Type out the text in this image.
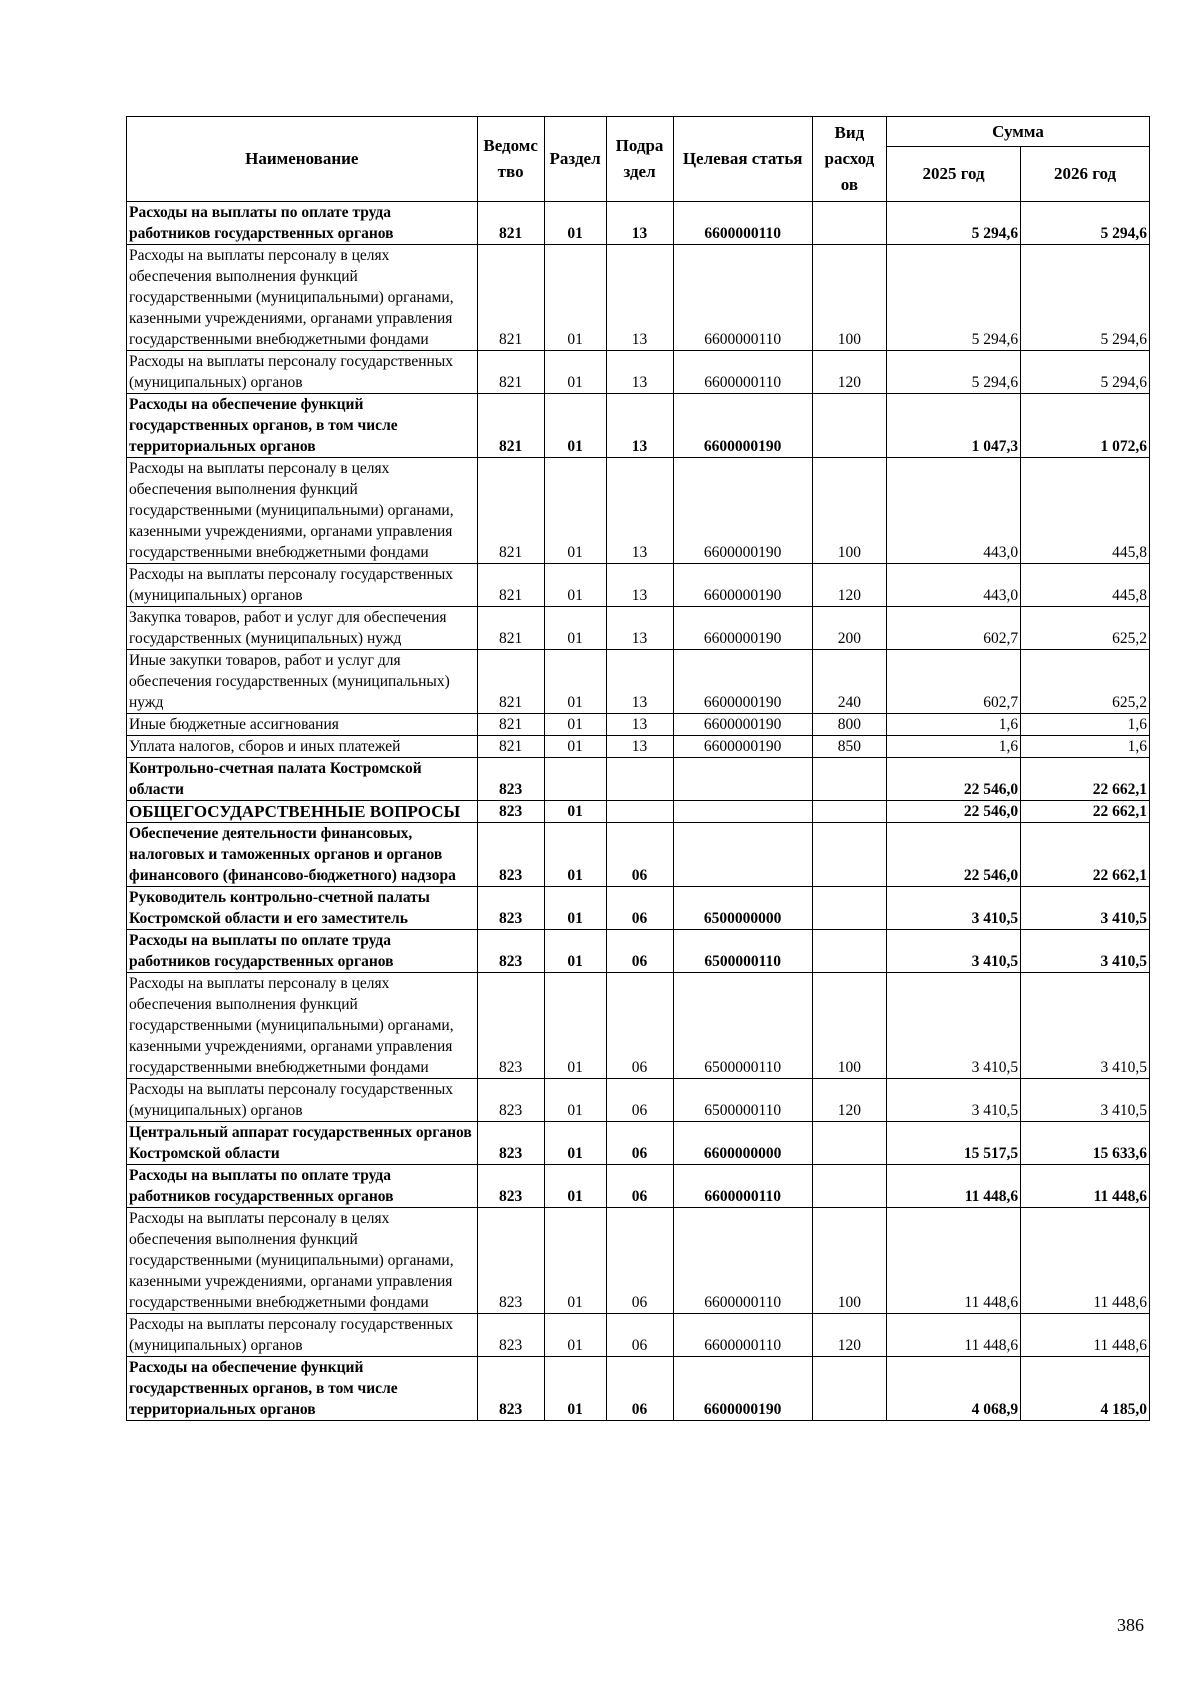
Наименование	Ведомс тво	Раздел	Подра здел	Целевая статья	Вид расход ов	Сумма	
						2025 год	2026 год
Расходы на выплаты по оплате труда работников государственных органов	821	01	13	6600000110		5 294,6	5 294,6
Расходы на выплаты персоналу в целях обеспечения выполнения функций государственными (муниципальными) органами, казенными учреждениями, органами управления государственными внебюджетными фондами	821	01	13	6600000110	100	5 294,6	5 294,6
Расходы на выплаты персоналу государственных (муниципальных) органов	821	01	13	6600000110	120	5 294,6	5 294,6
Расходы на обеспечение функций государственных органов, в том числе территориальных органов	821	01	13	6600000190		1 047,3	1 072,6
Расходы на выплаты персоналу в целях обеспечения выполнения функций государственными (муниципальными) органами, казенными учреждениями, органами управления государственными внебюджетными фондами	821	01	13	6600000190	100	443,0	445,8
Расходы на выплаты персоналу государственных (муниципальных) органов	821	01	13	6600000190	120	443,0	445,8
Закупка товаров, работ и услуг для обеспечения государственных (муниципальных) нужд	821	01	13	6600000190	200	602,7	625,2
Иные закупки товаров, работ и услуг для обеспечения государственных (муниципальных) нужд	821	01	13	6600000190	240	602,7	625,2
Иные бюджетные ассигнования	821	01	13	6600000190	800	1,6	1,6
Уплата налогов, сборов и иных платежей	821	01	13	6600000190	850	1,6	1,6
Контрольно-счетная палата Костромской области	823					22 546,0	22 662,1
ОБЩЕГОСУДАРСТВЕННЫЕ ВОПРОСЫ	823	01				22 546,0	22 662,1
Обеспечение деятельности финансовых, налоговых и таможенных органов и органов финансового (финансово-бюджетного) надзора	823	01	06			22 546,0	22 662,1
Руководитель контрольно-счетной палаты Костромской области и его заместитель	823	01	06	6500000000		3 410,5	3 410,5
Расходы на выплаты по оплате труда работников государственных органов	823	01	06	6500000110		3 410,5	3 410,5
Расходы на выплаты персоналу в целях обеспечения выполнения функций государственными (муниципальными) органами, казенными учреждениями, органами управления государственными внебюджетными фондами	823	01	06	6500000110	100	3 410,5	3 410,5
Расходы на выплаты персоналу государственных (муниципальных) органов	823	01	06	6500000110	120	3 410,5	3 410,5
Центральный аппарат государственных органов Костромской области	823	01	06	6600000000		15 517,5	15 633,6
Расходы на выплаты по оплате труда работников государственных органов	823	01	06	6600000110		11 448,6	11 448,6
Расходы на выплаты персоналу в целях обеспечения выполнения функций государственными (муниципальными) органами, казенными учреждениями, органами управления государственными внебюджетными фондами	823	01	06	6600000110	100	11 448,6	11 448,6
Расходы на выплаты персоналу государственных (муниципальных) органов	823	01	06	6600000110	120	11 448,6	11 448,6
Расходы на обеспечение функций государственных органов, в том числе территориальных органов	823	01	06	6600000190		4 068,9	4 185,0
386
